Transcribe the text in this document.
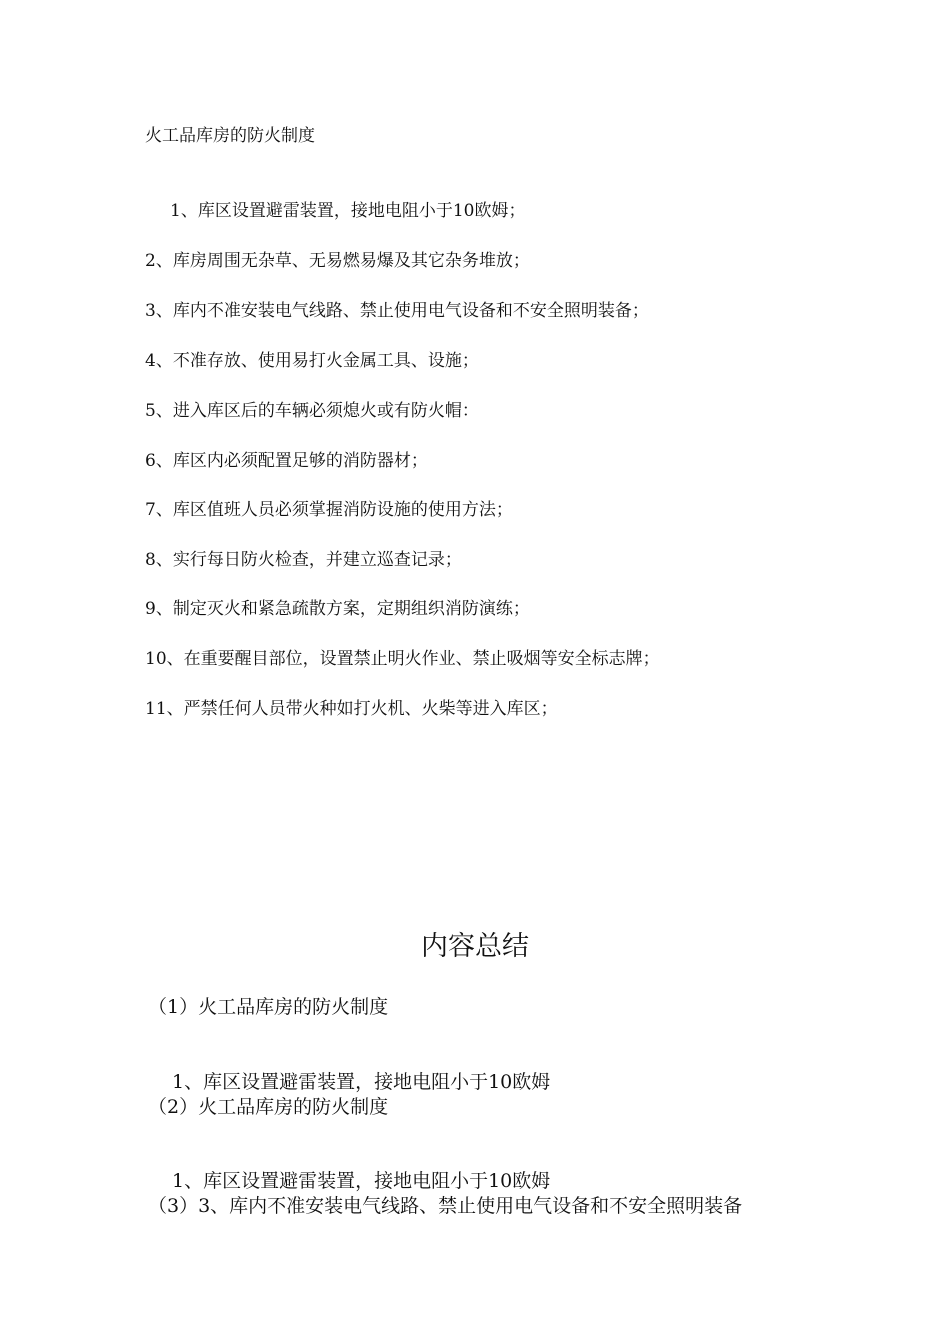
火工品库房的防火制度
1、库区设置避雷装置，接地电阻小于10欧姆；
2、库房周围无杂草、无易燃易爆及其它杂务堆放；
3、库内不准安装电气线路、禁止使用电气设备和不安全照明装备；
4、不准存放、使用易打火金属工具、设施；
5、进入库区后的车辆必须熄火或有防火帽：
6、库区内必须配置足够的消防器材；
7、库区值班人员必须掌握消防设施的使用方法；
8、实行每日防火检查，并建立巡查记录；
9、制定灭火和紧急疏散方案，定期组织消防演练；
10、在重要醒目部位，设置禁止明火作业、禁止吸烟等安全标志牌；
11、严禁任何人员带火种如打火机、火柴等进入库区；
内容总结
（1）火工品库房的防火制度
1、库区设置避雷装置，接地电阻小于10欧姆
（2）火工品库房的防火制度
1、库区设置避雷装置，接地电阻小于10欧姆
（3）3、库内不准安装电气线路、禁止使用电气设备和不安全照明装备
